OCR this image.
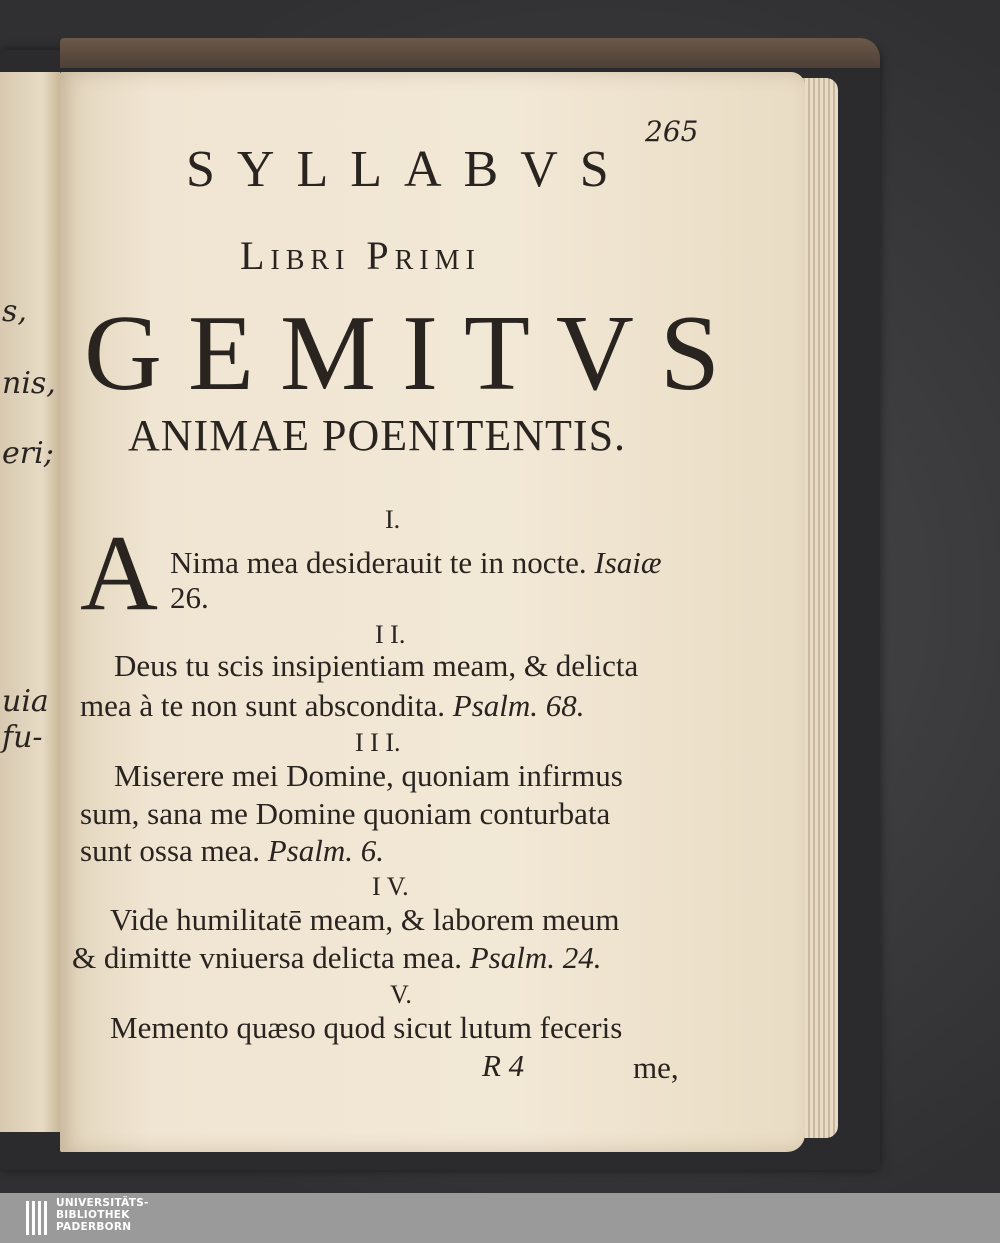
s,
nis,
eri;
uia
fu-
265
SYLLABVS
Libri Primi
GEMITVS
ANIMAE POENITENTIS.
I.
A Nima mea desiderauit te in nocte. Isaiæ
26.
I I.
Deus tu scis insipientiam meam, & delicta
mea à te non sunt abscondita. Psalm. 68.
I I I.
Miserere mei Domine, quoniam infirmus
sum, sana me Domine quoniam conturbata
sunt ossa mea. Psalm. 6.
I V.
Vide humilitatē meam, & laborem meum
& dimitte vniuersa delicta mea. Psalm. 24.
V.
Memento quæso quod sicut lutum feceris
R 4	me,
UNIVERSITÄTS-
BIBLIOTHEK
PADERBORN
